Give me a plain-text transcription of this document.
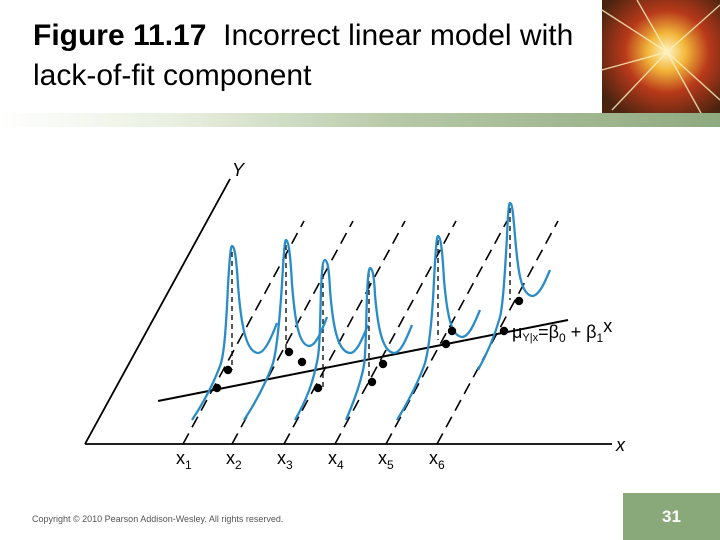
Figure 11.17 Incorrect linear model with lack-of-fit component
Y
x
$x_1$ $x_2$ $x_3$ $x_4$ $x_5$ $x_6$
$\mu Y|x=\beta_0 + \beta_1x$
Copyright © 2010 Pearson Addison-Wesley. All rights reserved.	31
